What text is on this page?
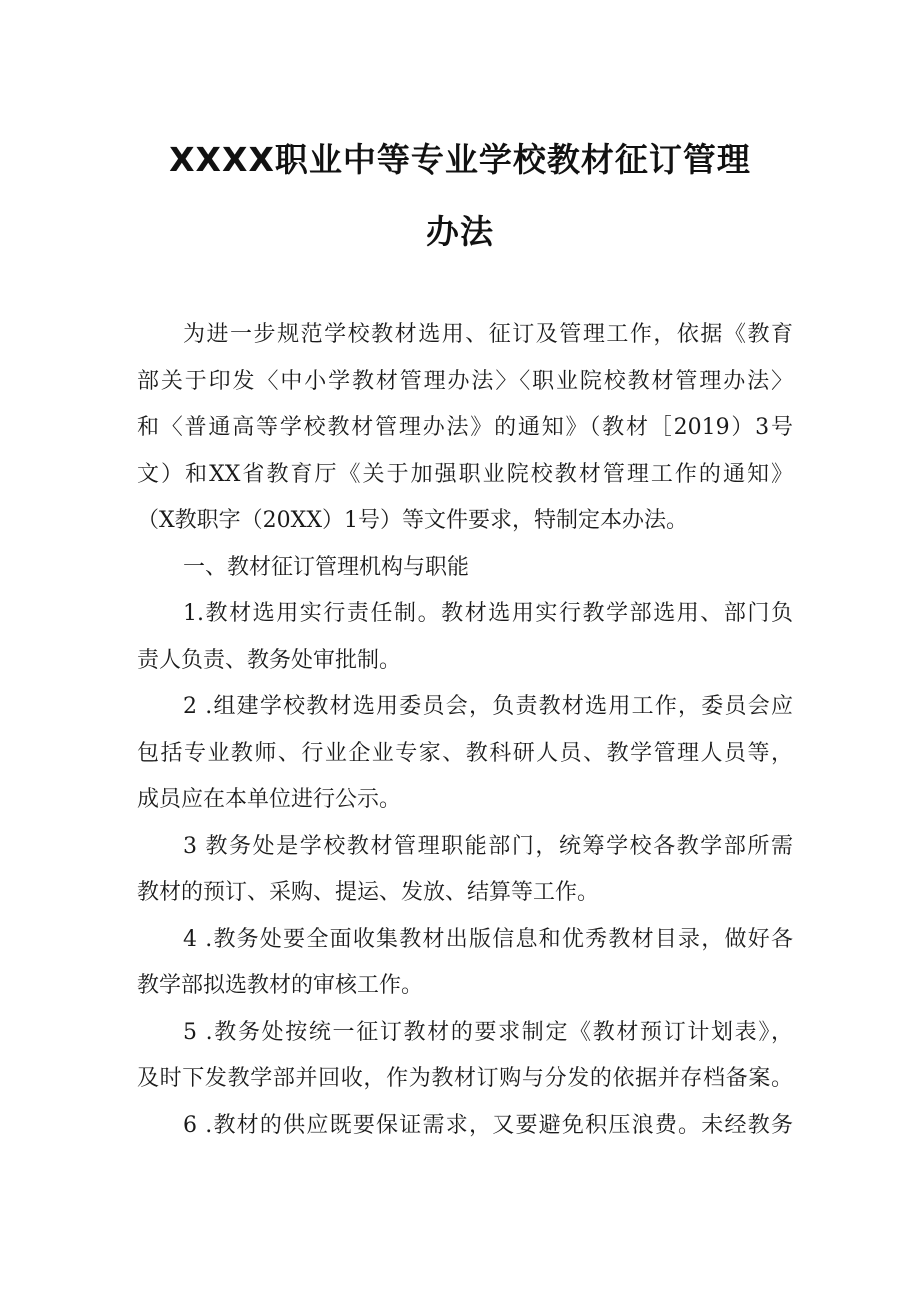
XXXX职业中等专业学校教材征订管理
办法
为进一步规范学校教材选用、征订及管理工作，依据《教育
部关于印发〈中小学教材管理办法〉〈职业院校教材管理办法〉
和〈普通高等学校教材管理办法》的通知》（教材［2019）3号
文）和XX省教育厅《关于加强职业院校教材管理工作的通知》
（X教职字（20XX）1号）等文件要求，特制定本办法。
一、教材征订管理机构与职能
1.教材选用实行责任制。教材选用实行教学部选用、部门负
责人负责、教务处审批制。
2 .组建学校教材选用委员会，负责教材选用工作，委员会应
包括专业教师、行业企业专家、教科研人员、教学管理人员等，
成员应在本单位进行公示。
3 教务处是学校教材管理职能部门，统筹学校各教学部所需
教材的预订、采购、提运、发放、结算等工作。
4 .教务处要全面收集教材出版信息和优秀教材目录，做好各
教学部拟选教材的审核工作。
5 .教务处按统一征订教材的要求制定《教材预订计划表》，
及时下发教学部并回收，作为教材订购与分发的依据并存档备案。
6 .教材的供应既要保证需求，又要避免积压浪费。未经教务
